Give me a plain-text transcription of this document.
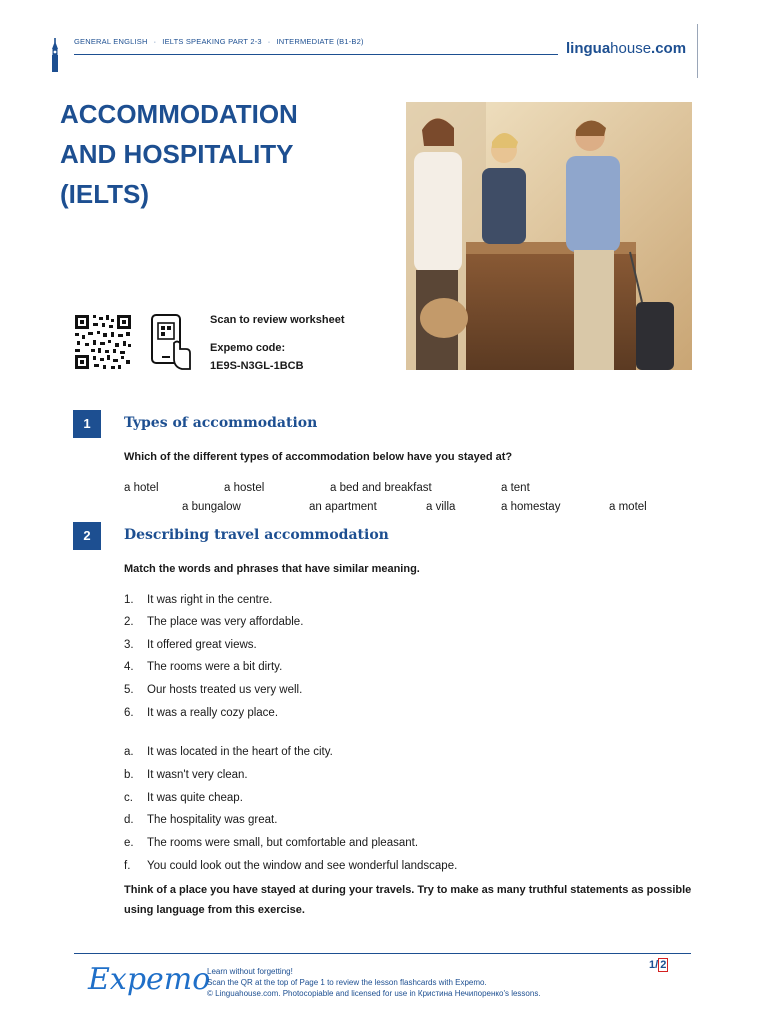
GENERAL ENGLISH · IELTS SPEAKING PART 2-3 · INTERMEDIATE (B1-B2)	linguahouse.com
ACCOMMODATION
AND HOSPITALITY
(IELTS)
Scan to review worksheet
Expemo code:
1E9S-N3GL-1BCB
1	Types of accommodation
Which of the different types of accommodation below have you stayed at?
a hotel	a hostel	a bed and breakfast	a tent
a bungalow	an apartment	a villa	a homestay	a motel
2	Describing travel accommodation
Match the words and phrases that have similar meaning.
1. It was right in the centre.
2. The place was very affordable.
3. It offered great views.
4. The rooms were a bit dirty.
5. Our hosts treated us very well.
6. It was a really cozy place.
a. It was located in the heart of the city.
b. It wasn't very clean.
c. It was quite cheap.
d. The hospitality was great.
e. The rooms were small, but comfortable and pleasant.
f. You could look out the window and see wonderful landscape.
Think of a place you have stayed at during your travels. Try to make as many truthful statements as possible using language from this exercise.
Expemo
Learn without forgetting!
Scan the QR at the top of Page 1 to review the lesson flashcards with Expemo.
© Linguahouse.com. Photocopiable and licensed for use in Кристина Нечипоренко's lessons.
1/ 2
